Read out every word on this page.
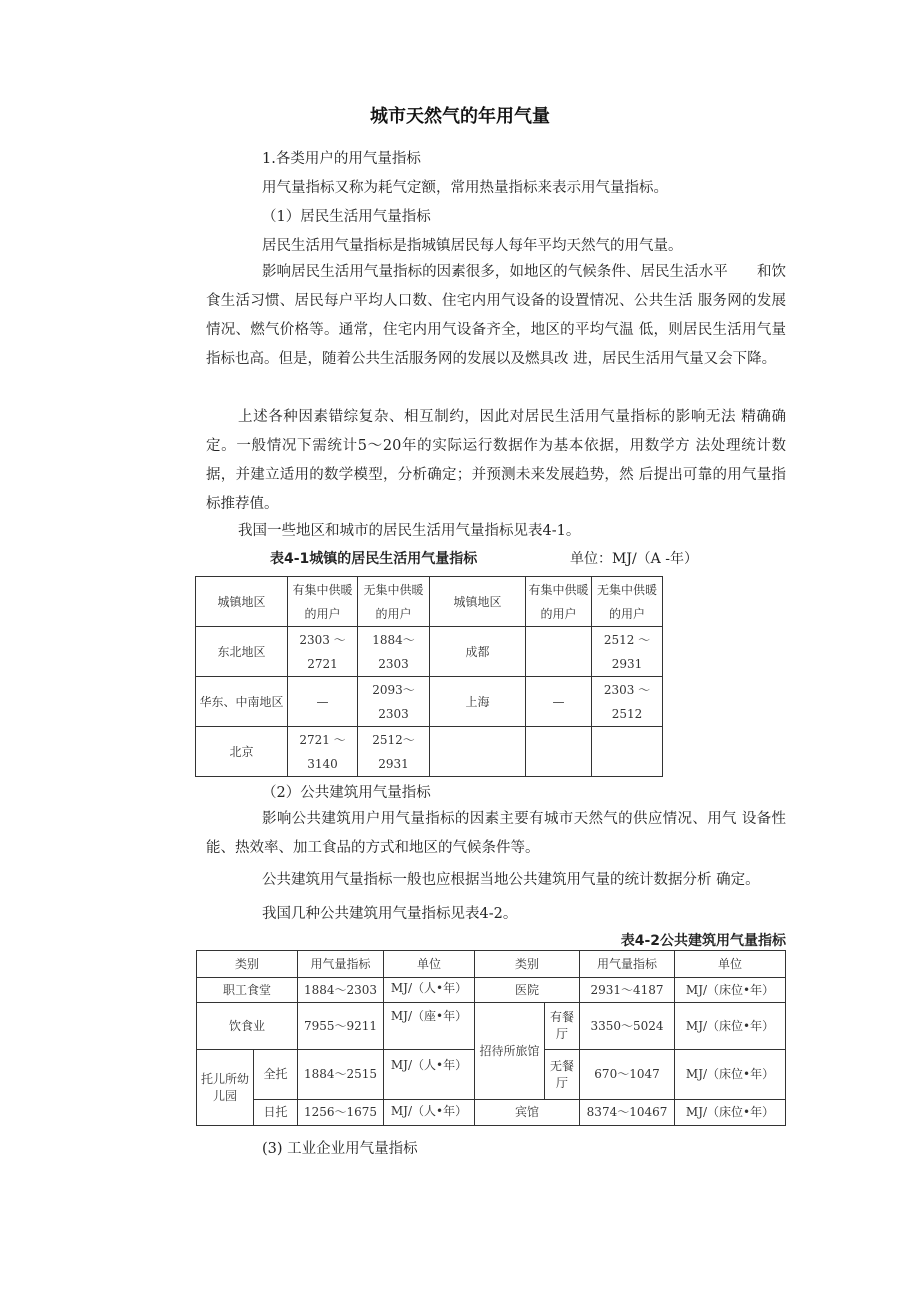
城市天然气的年用气量
1.各类用户的用气量指标
用气量指标又称为耗气定额，常用热量指标来表示用气量指标。
（1）居民生活用气量指标
居民生活用气量指标是指城镇居民每人每年平均天然气的用气量。
影响居民生活用气量指标的因素很多，如地区的气候条件、居民生活水平　　和饮食生活习惯、居民每户平均人口数、住宅内用气设备的设置情况、公共生活 服务网的发展情况、燃气价格等。通常，住宅内用气设备齐全，地区的平均气温 低，则居民生活用气量指标也高。但是，随着公共生活服务网的发展以及燃具改 进，居民生活用气量又会下降。
上述各种因素错综复杂、相互制约，因此对居民生活用气量指标的影响无法 精确确定。一般情况下需统计5〜20年的实际运行数据作为基本依据，用数学方 法处理统计数据，并建立适用的数学模型，分析确定；并预测未来发展趋势，然 后提出可靠的用气量指标推荐值。
我国一些地区和城市的居民生活用气量指标见表4-1。
表4-1城镇的居民生活用气量指标	单位：MJ/（A -年）
城镇地区	有集中供暖的用户	无集中供暖的用户	城镇地区	有集中供暖的用户	无集中供暖的用户
东北地区	2303 〜 2721	1884〜2303	成都		2512 〜 2931
华东、中南地区	—	2093〜2303	上海	—	2303 〜 2512
北京	2721 〜 3140	2512〜2931			
（2）公共建筑用气量指标
影响公共建筑用户用气量指标的因素主要有城市天然气的供应情况、用气 设备性能、热效率、加工食品的方式和地区的气候条件等。
公共建筑用气量指标一般也应根据当地公共建筑用气量的统计数据分析 确定。
我国几种公共建筑用气量指标见表4-2。
表4-2公共建筑用气量指标
类别		用气量指标	单位	类别		用气量指标	单位
职工食堂		1884〜2303	MJ/（人•年）	医院		2931〜4187	MJ/（床位•年）
饮食业		7955〜9211	MJ/（座•年）	招待所旅馆	有餐厅	3350〜5024	MJ/（床位•年）
托儿所幼儿园	全托	1884〜2515	MJ/（人•年）		无餐厅	670〜1047	MJ/（床位•年）
	日托	1256〜1675	MJ/（人•年）	宾馆		8374〜10467	MJ/（床位•年）
(3) 工业企业用气量指标
